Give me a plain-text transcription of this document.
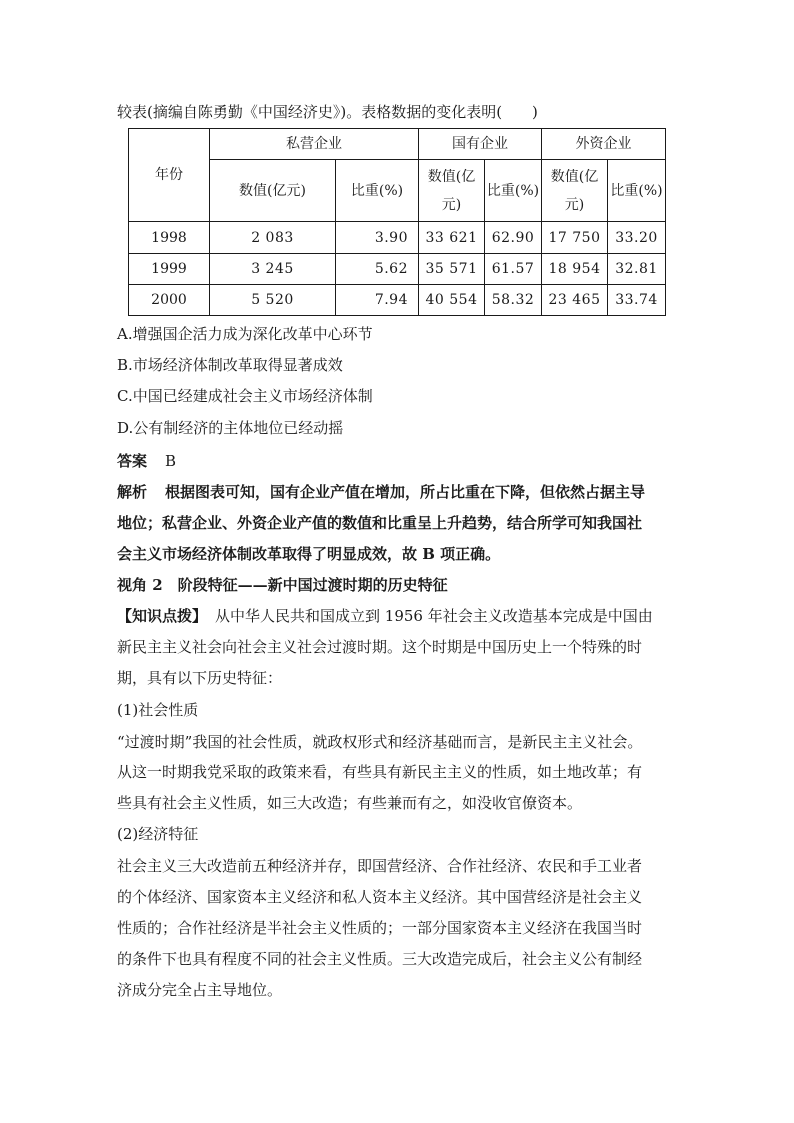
较表(摘编自陈勇勤《中国经济史》)。表格数据的变化表明(　　)
年份	私营企业		国有企业		外资企业	
	数值(亿元)	比重(%)	数值(亿元)	比重(%)	数值(亿元)	比重(%)
1998	2 083	3.90	33 621	62.90	17 750	33.20
1999	3 245	5.62	35 571	61.57	18 954	32.81
2000	5 520	7.94	40 554	58.32	23 465	33.74
A.增强国企活力成为深化改革中心环节
B.市场经济体制改革取得显著成效
C.中国已经建成社会主义市场经济体制
D.公有制经济的主体地位已经动摇
答案 B
解析 根据图表可知，国有企业产值在增加，所占比重在下降，但依然占据主导
地位；私营企业、外资企业产值的数值和比重呈上升趋势，结合所学可知我国社
会主义市场经济体制改革取得了明显成效，故 B 项正确。
视角 2　阶段特征——新中国过渡时期的历史特征
【知识点拨】 从中华人民共和国成立到 1956 年社会主义改造基本完成是中国由
新民主主义社会向社会主义社会过渡时期。这个时期是中国历史上一个特殊的时
期，具有以下历史特征：
(1)社会性质
“过渡时期”我国的社会性质，就政权形式和经济基础而言，是新民主主义社会。
从这一时期我党采取的政策来看，有些具有新民主主义的性质，如土地改革；有
些具有社会主义性质，如三大改造；有些兼而有之，如没收官僚资本。
(2)经济特征
社会主义三大改造前五种经济并存，即国营经济、合作社经济、农民和手工业者
的个体经济、国家资本主义经济和私人资本主义经济。其中国营经济是社会主义
性质的；合作社经济是半社会主义性质的；一部分国家资本主义经济在我国当时
的条件下也具有程度不同的社会主义性质。三大改造完成后，社会主义公有制经
济成分完全占主导地位。
